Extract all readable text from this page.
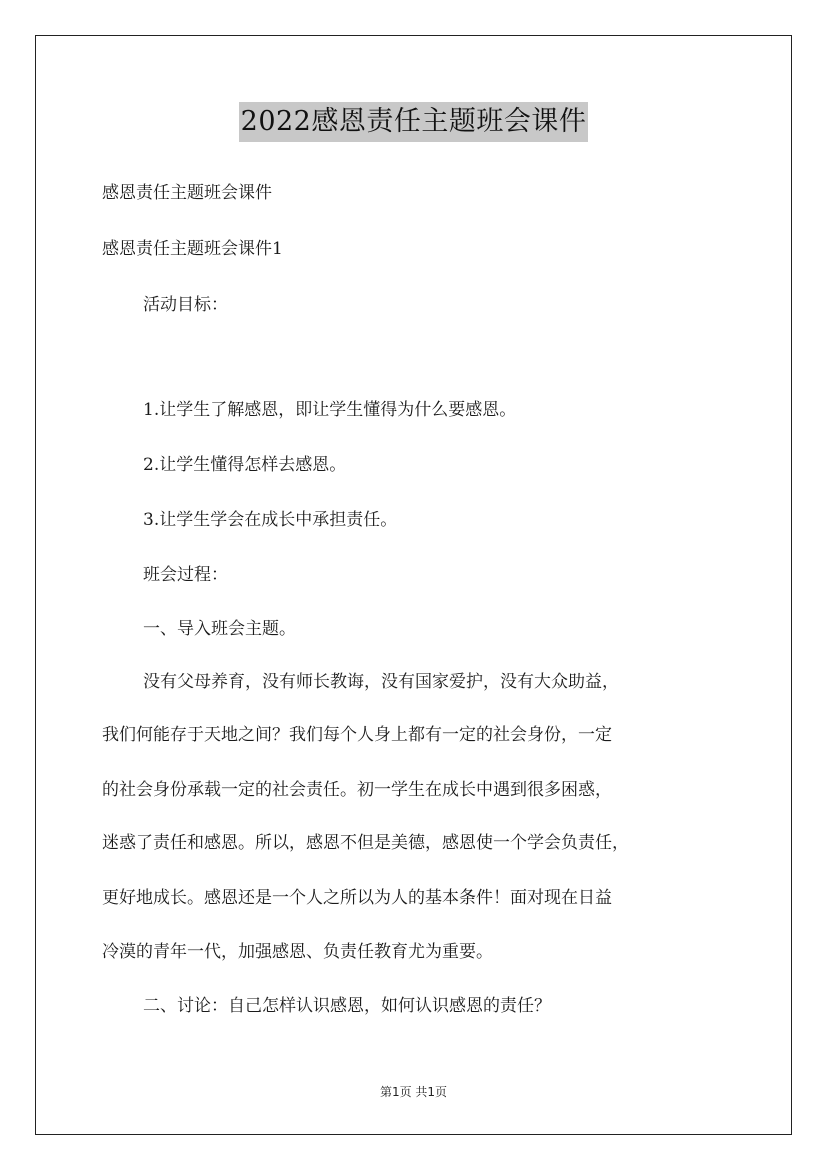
2022感恩责任主题班会课件
感恩责任主题班会课件
感恩责任主题班会课件1
活动目标：
1.让学生了解感恩，即让学生懂得为什么要感恩。
2.让学生懂得怎样去感恩。
3.让学生学会在成长中承担责任。
班会过程：
一、导入班会主题。
没有父母养育，没有师长教诲，没有国家爱护，没有大众助益，
我们何能存于天地之间？我们每个人身上都有一定的社会身份，一定
的社会身份承载一定的社会责任。初一学生在成长中遇到很多困惑，
迷惑了责任和感恩。所以，感恩不但是美德，感恩使一个学会负责任，
更好地成长。感恩还是一个人之所以为人的基本条件！面对现在日益
冷漠的青年一代，加强感恩、负责任教育尤为重要。
二、讨论：自己怎样认识感恩，如何认识感恩的责任？
第1页 共1页
